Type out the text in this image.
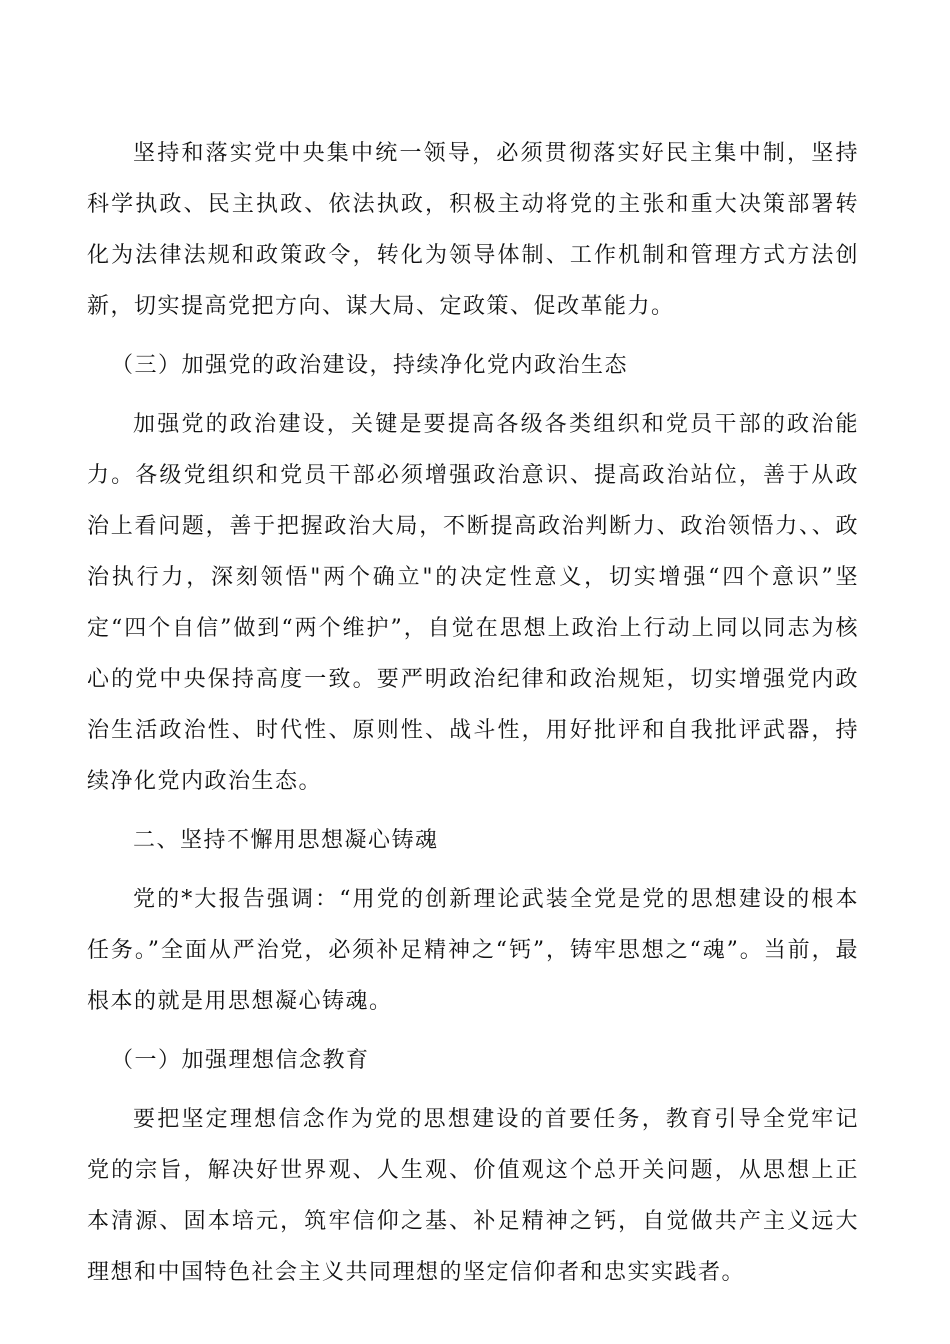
坚持和落实党中央集中统一领导，必须贯彻落实好民主集中制，坚持科学执政、民主执政、依法执政，积极主动将党的主张和重大决策部署转化为法律法规和政策政令，转化为领导体制、工作机制和管理方式方法创新，切实提高党把方向、谋大局、定政策、促改革能力。

（三）加强党的政治建设，持续净化党内政治生态

加强党的政治建设，关键是要提高各级各类组织和党员干部的政治能力。各级党组织和党员干部必须增强政治意识、提高政治站位，善于从政治上看问题，善于把握政治大局，不断提高政治判断力、政治领悟力、、政治执行力，深刻领悟"两个确立"的决定性意义，切实增强“四个意识”坚定“四个自信”做到“两个维护”，自觉在思想上政治上行动上同以同志为核心的党中央保持高度一致。要严明政治纪律和政治规矩，切实增强党内政治生活政治性、时代性、原则性、战斗性，用好批评和自我批评武器，持续净化党内政治生态。

二、坚持不懈用思想凝心铸魂

党的*大报告强调：“用党的创新理论武装全党是党的思想建设的根本任务。”全面从严治党，必须补足精神之“钙”，铸牢思想之“魂”。当前，最根本的就是用思想凝心铸魂。

（一）加强理想信念教育

要把坚定理想信念作为党的思想建设的首要任务，教育引导全党牢记党的宗旨，解决好世界观、人生观、价值观这个总开关问题，从思想上正本清源、固本培元，筑牢信仰之基、补足精神之钙，自觉做共产主义远大理想和中国特色社会主义共同理想的坚定信仰者和忠实实践者。
